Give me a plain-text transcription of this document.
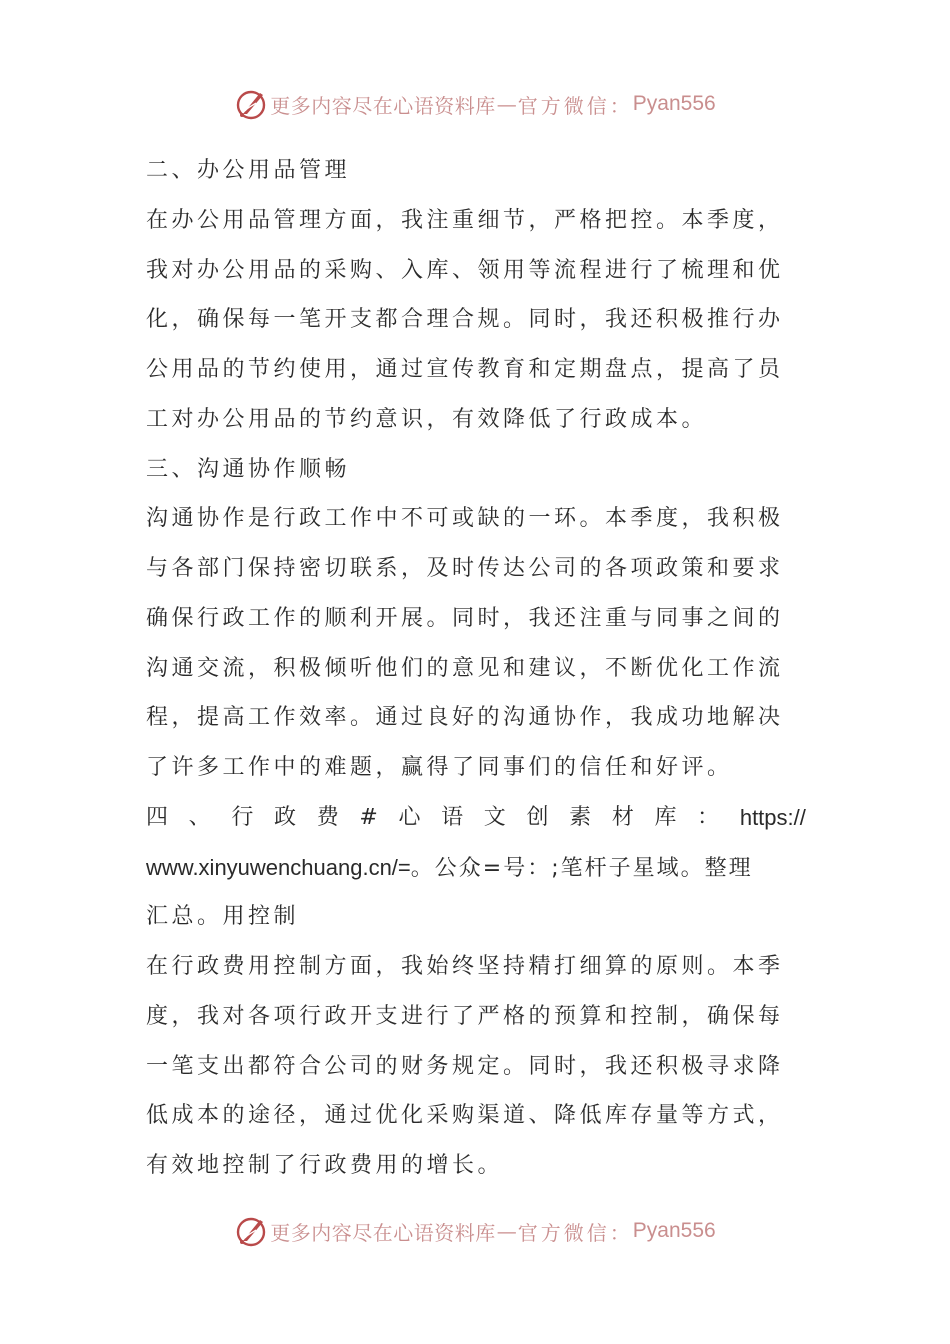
更多内容尽在心语资料库 — 官方微信： Pyan556
二、办公用品管理
在办公用品管理方面，我注重细节，严格把控。本季度，
我对办公用品的采购、入库、领用等流程进行了梳理和优
化，确保每一笔开支都合理合规。同时，我还积极推行办
公用品的节约使用，通过宣传教育和定期盘点，提高了员
工对办公用品的节约意识，有效降低了行政成本。
三、沟通协作顺畅
沟通协作是行政工作中不可或缺的一环。本季度，我积极
与各部门保持密切联系，及时传达公司的各项政策和要求
确保行政工作的顺利开展。同时，我还注重与同事之间的
沟通交流，积极倾听他们的意见和建议，不断优化工作流
程，提高工作效率。通过良好的沟通协作，我成功地解决
了许多工作中的难题，赢得了同事们的信任和好评。
四 、 行 政 费 # 心 语 文 创 素 材 库 ： https://
www.xinyuwenchuang.cn/=。公众=号：;笔杆子星域。整理
汇总。用控制
在行政费用控制方面，我始终坚持精打细算的原则。本季
度，我对各项行政开支进行了严格的预算和控制，确保每
一笔支出都符合公司的财务规定。同时，我还积极寻求降
低成本的途径，通过优化采购渠道、降低库存量等方式，
有效地控制了行政费用的增长。
更多内容尽在心语资料库 — 官方微信： Pyan556
